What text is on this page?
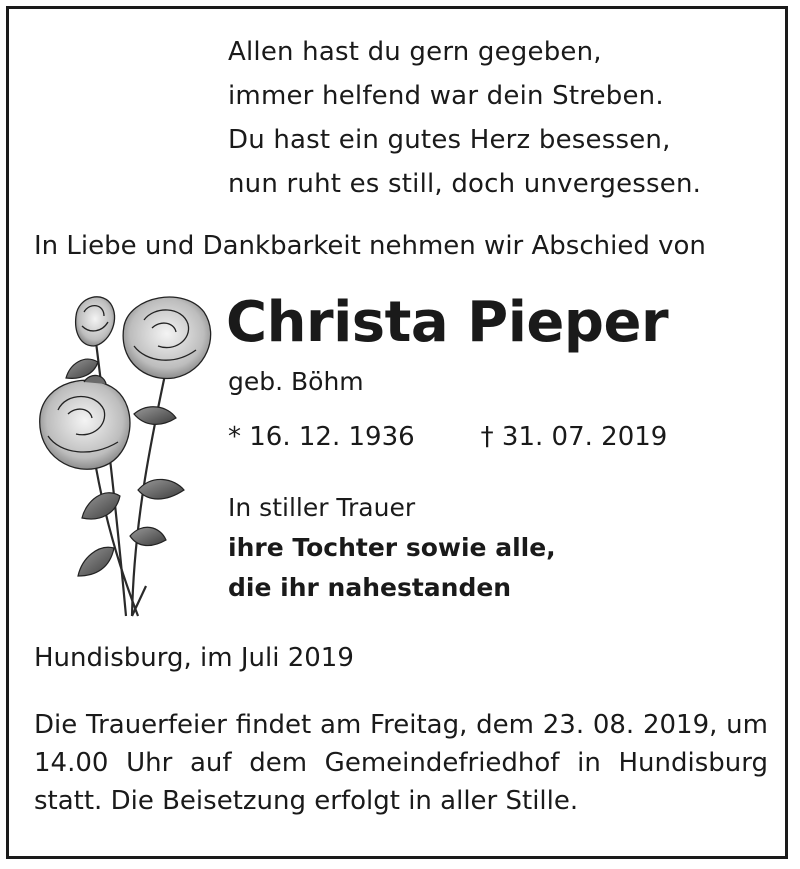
Allen hast du gern gegeben,
immer helfend war dein Streben.
Du hast ein gutes Herz besessen,
nun ruht es still, doch unvergessen.
In Liebe und Dankbarkeit nehmen wir Abschied von
Christa Pieper
geb. Böhm
* 16. 12. 1936	† 31. 07. 2019
In stiller Trauer
ihre Tochter sowie alle,
die ihr nahestanden
Hundisburg, im Juli 2019
Die Trauerfeier findet am Freitag, dem 23. 08. 2019, um 14.00 Uhr auf dem Gemeindefriedhof in Hundisburg statt. Die Beisetzung erfolgt in aller Stille.
